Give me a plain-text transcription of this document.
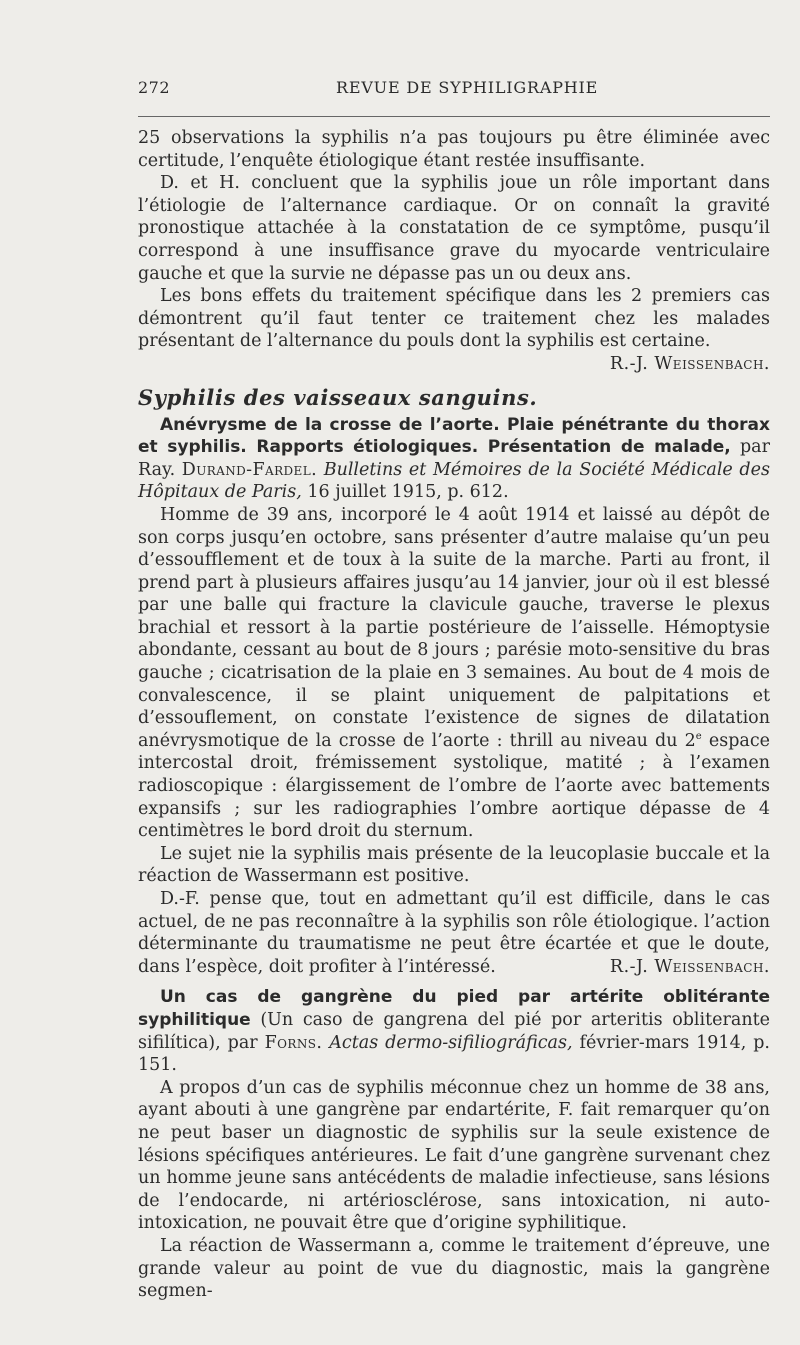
272	REVUE DE SYPHILIGRAPHIE

25 observations la syphilis n’a pas toujours pu être éliminée avec certitude, l’enquête étiologique étant restée insuffisante.

D. et H. concluent que la syphilis joue un rôle important dans l’étiologie de l’alternance cardiaque. Or on connaît la gravité pronostique attachée à la constatation de ce symptôme, pusqu’il correspond à une insuffisance grave du myocarde ventriculaire gauche et que la survie ne dépasse pas un ou deux ans.

Les bons effets du traitement spécifique dans les 2 premiers cas démontrent qu’il faut tenter ce traitement chez les malades présentant de l’alternance du pouls dont la syphilis est certaine.
R.-J. Weissenbach.

Syphilis des vaisseaux sanguins.

Anévrysme de la crosse de l’aorte. Plaie pénétrante du thorax et syphilis. Rapports étiologiques. Présentation de malade, par Ray. Durand-Fardel. Bulletins et Mémoires de la Société Médicale des Hôpitaux de Paris, 16 juillet 1915, p. 612.

Homme de 39 ans, incorporé le 4 août 1914 et laissé au dépôt de son corps jusqu’en octobre, sans présenter d’autre malaise qu’un peu d’essoufflement et de toux à la suite de la marche. Parti au front, il prend part à plusieurs affaires jusqu’au 14 janvier, jour où il est blessé par une balle qui fracture la clavicule gauche, traverse le plexus brachial et ressort à la partie postérieure de l’aisselle. Hémoptysie abondante, cessant au bout de 8 jours ; parésie moto-sensitive du bras gauche ; cicatrisation de la plaie en 3 semaines. Au bout de 4 mois de convalescence, il se plaint uniquement de palpitations et d’essouflement, on constate l’existence de signes de dilatation anévrysmotique de la crosse de l’aorte : thrill au niveau du 2e espace intercostal droit, frémissement systolique, matité ; à l’examen radioscopique : élargissement de l’ombre de l’aorte avec battements expansifs ; sur les radiographies l’ombre aortique dépasse de 4 centimètres le bord droit du sternum.

Le sujet nie la syphilis mais présente de la leucoplasie buccale et la réaction de Wassermann est positive.

D.-F. pense que, tout en admettant qu’il est difficile, dans le cas actuel, de ne pas reconnaître à la syphilis son rôle étiologique. l’action déterminante du traumatisme ne peut être écartée et que le doute, dans l’espèce, doit profiter à l’intéressé.	R.-J. Weissenbach.

Un cas de gangrène du pied par artérite oblitérante syphilitique (Un caso de gangrena del pié por arteritis obliterante sifilítica), par Forns. Actas dermo-sifiliográficas, février-mars 1914, p. 151.

A propos d’un cas de syphilis méconnue chez un homme de 38 ans, ayant abouti à une gangrène par endartérite, F. fait remarquer qu’on ne peut baser un diagnostic de syphilis sur la seule existence de lésions spécifiques antérieures. Le fait d’une gangrène survenant chez un homme jeune sans antécédents de maladie infectieuse, sans lésions de l’endocarde, ni artériosclérose, sans intoxication, ni auto-intoxication, ne pouvait être que d’origine syphilitique.

La réaction de Wassermann a, comme le traitement d’épreuve, une grande valeur au point de vue du diagnostic, mais la gangrène segmen-
